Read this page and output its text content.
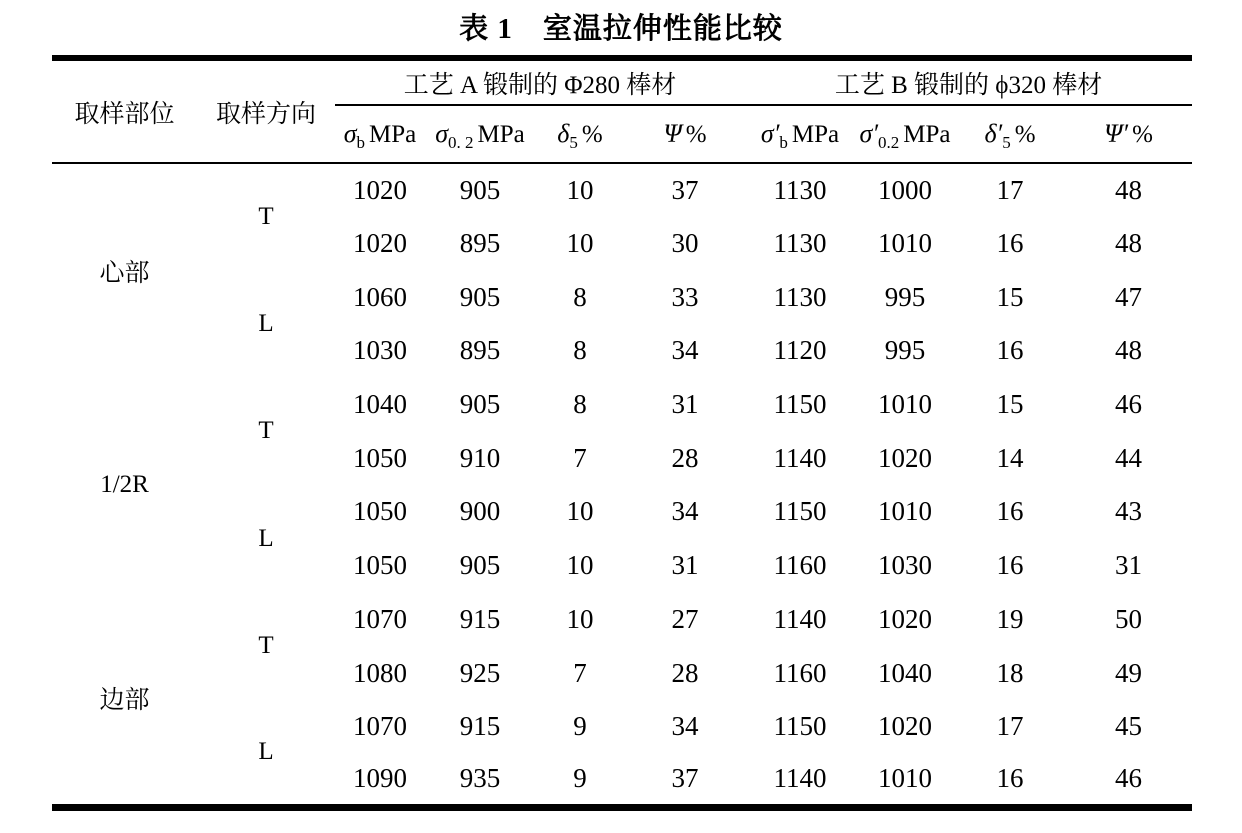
表 1 室温拉伸性能比较
取样部位	取样方向	工艺 A 锻制的 Φ280 棒材				工艺 B 锻制的 ϕ320 棒材			
		$\sigma_b$ MPa	$\sigma_{0. 2}$ MPa	$\delta_5$ %	Ψ %	$\sigma'_b$ MPa	$\sigma'_{0.2}$ MPa	$\delta'_5$ %	Ψ′ %
心部	T	1020	905	10	37	1130	1000	17	48
		1020	895	10	30	1130	1010	16	48
	L	1060	905	8	33	1130	995	15	47
		1030	895	8	34	1120	995	16	48
1/2R	T	1040	905	8	31	1150	1010	15	46
		1050	910	7	28	1140	1020	14	44
	L	1050	900	10	34	1150	1010	16	43
		1050	905	10	31	1160	1030	16	31
边部	T	1070	915	10	27	1140	1020	19	50
		1080	925	7	28	1160	1040	18	49
	L	1070	915	9	34	1150	1020	17	45
		1090	935	9	37	1140	1010	16	46
